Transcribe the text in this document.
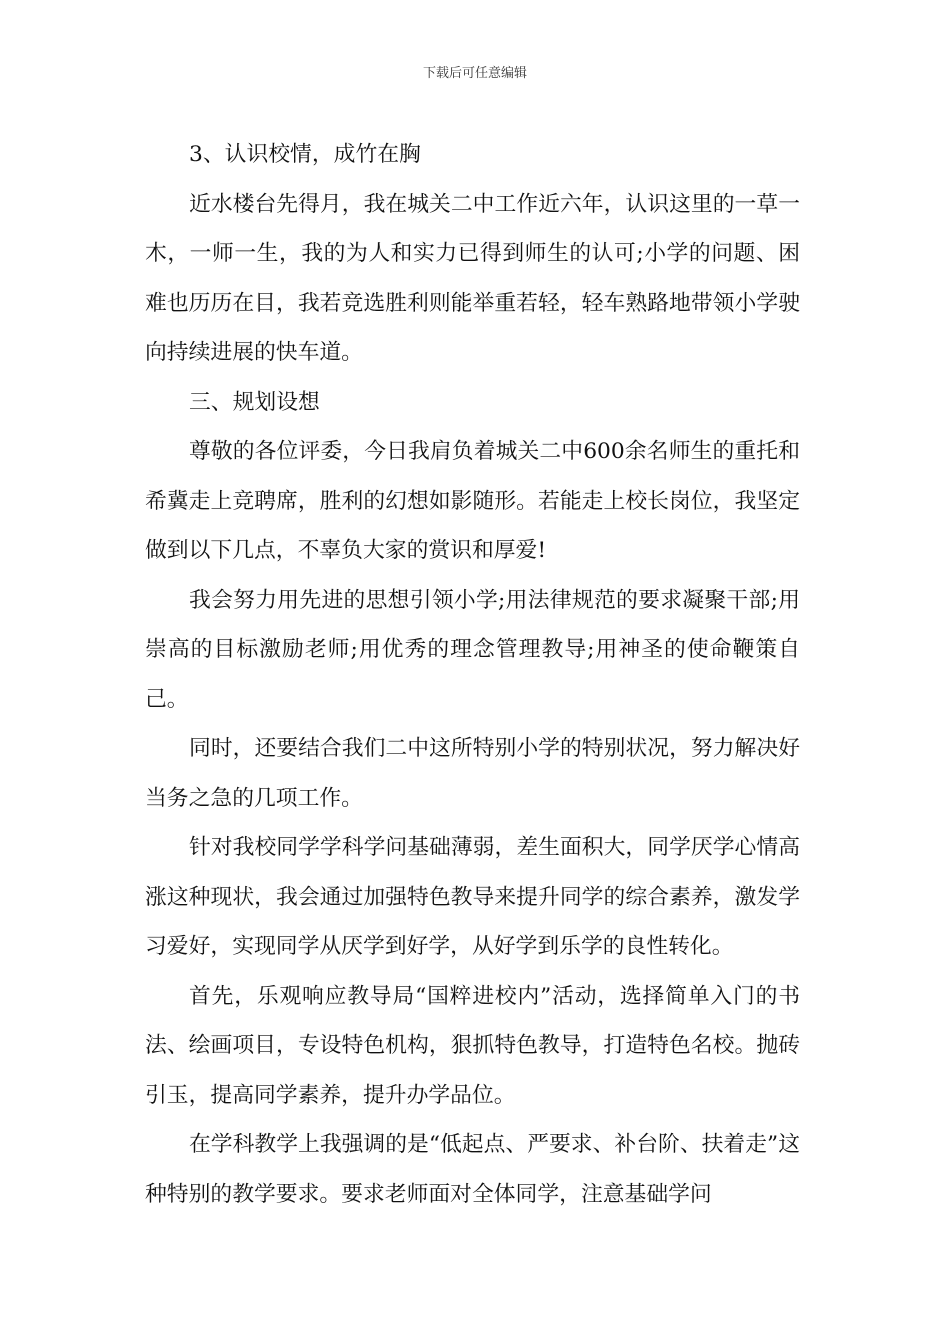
下载后可任意编辑

3、认识校情，成竹在胸

近水楼台先得月，我在城关二中工作近六年，认识这里的一草一木，一师一生，我的为人和实力已得到师生的认可;小学的问题、困难也历历在目，我若竞选胜利则能举重若轻，轻车熟路地带领小学驶向持续进展的快车道。

三、规划设想

尊敬的各位评委，今日我肩负着城关二中600余名师生的重托和希冀走上竞聘席，胜利的幻想如影随形。若能走上校长岗位，我坚定做到以下几点，不辜负大家的赏识和厚爱!

我会努力用先进的思想引领小学;用法律规范的要求凝聚干部;用崇高的目标激励老师;用优秀的理念管理教导;用神圣的使命鞭策自己。

同时，还要结合我们二中这所特别小学的特别状况，努力解决好当务之急的几项工作。

针对我校同学学科学问基础薄弱，差生面积大，同学厌学心情高涨这种现状，我会通过加强特色教导来提升同学的综合素养，激发学习爱好，实现同学从厌学到好学，从好学到乐学的良性转化。

首先，乐观响应教导局“国粹进校内”活动，选择简单入门的书法、绘画项目，专设特色机构，狠抓特色教导，打造特色名校。抛砖引玉，提高同学素养，提升办学品位。

在学科教学上我强调的是“低起点、严要求、补台阶、扶着走”这种特别的教学要求。要求老师面对全体同学，注意基础学问
